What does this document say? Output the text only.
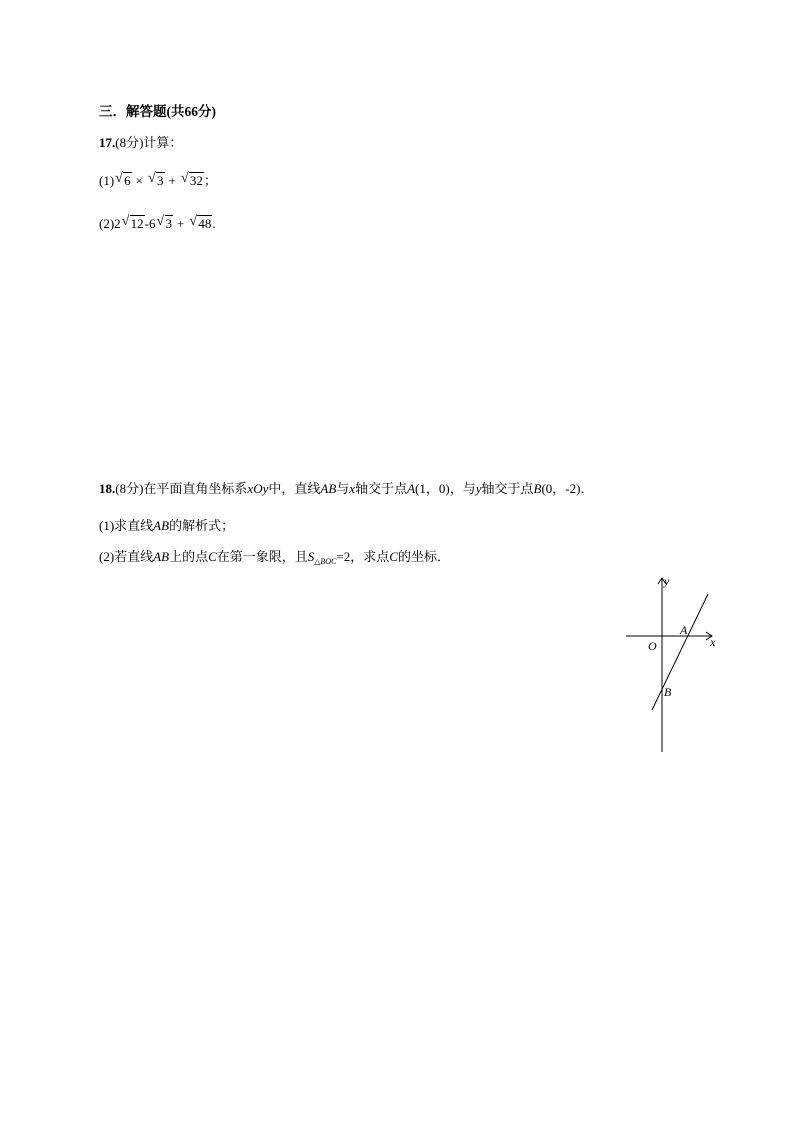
三．解答题(共66分)
17.(8分)计算：
(1) √ 6 × √ 3 + √ 32；
(2)2 √ 12-6 √ 3 + √ 48.
18.(8分)在平面直角坐标系xOy中，直线AB与x轴交于点A(1，0)，与y轴交于点B(0，-2)．
(1)求直线AB的解析式；
(2)若直线AB上的点C在第一象限，且$S_{\triangle BOC}=2$，求点C的坐标．
y
x
O
A
B
